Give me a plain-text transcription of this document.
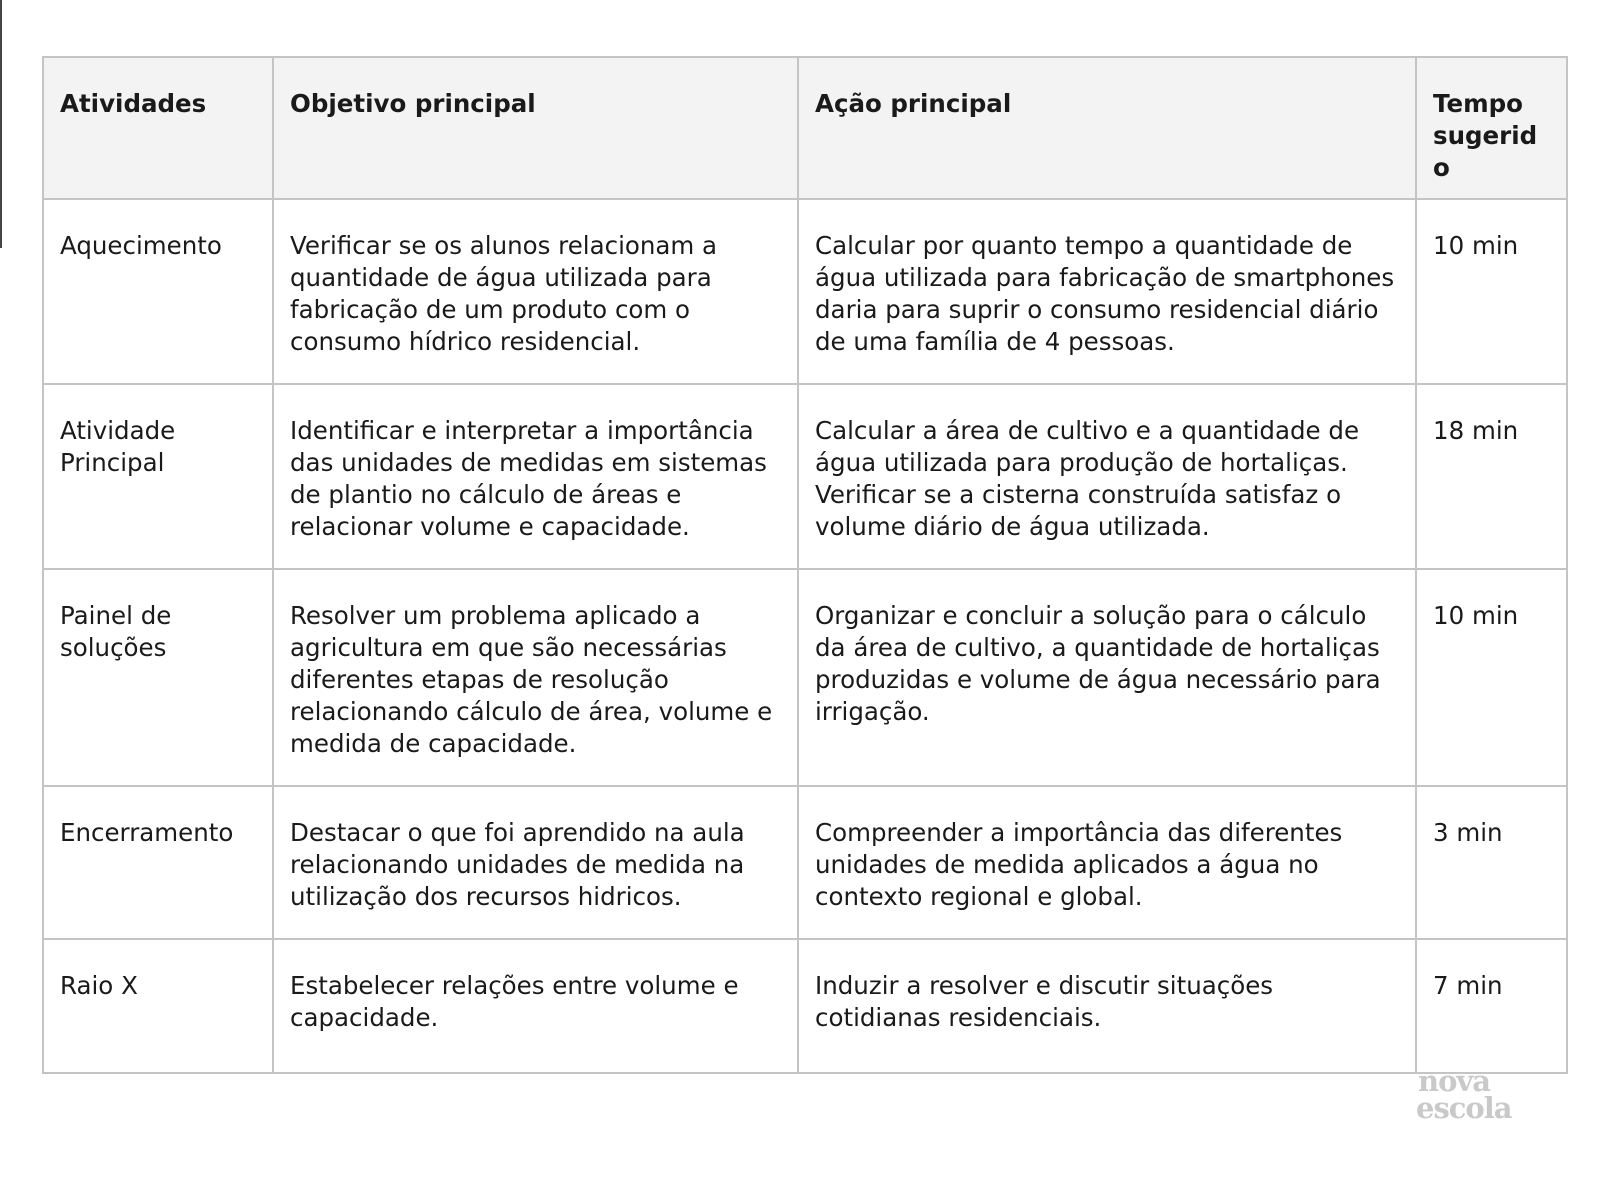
Atividades	Objetivo principal	Ação principal	Tempo sugerido
Aquecimento	Verificar se os alunos relacionam a quantidade de água utilizada para fabricação de um produto com o consumo hídrico residencial.	Calcular por quanto tempo a quantidade de água utilizada para fabricação de smartphones daria para suprir o consumo residencial diário de uma família de 4 pessoas.	10 min
Atividade Principal	Identificar e interpretar a importância das unidades de medidas em sistemas de plantio no cálculo de áreas e relacionar volume e capacidade.	Calcular a área de cultivo e a quantidade de água utilizada para produção de hortaliças. Verificar se a cisterna construída satisfaz o volume diário de água utilizada.	18 min
Painel de soluções	Resolver um problema aplicado a agricultura em que são necessárias diferentes etapas de resolução relacionando cálculo de área, volume e medida de capacidade.	Organizar e concluir a solução para o cálculo da área de cultivo, a quantidade de hortaliças produzidas e volume de água necessário para irrigação.	10 min
Encerramento	Destacar o que foi aprendido na aula relacionando unidades de medida na utilização dos recursos hidricos.	Compreender a importância das diferentes unidades de medida aplicados a água no contexto regional e global.	3 min
Raio X	Estabelecer relações entre volume e capacidade.	Induzir a resolver e discutir situações cotidianas residenciais.	7 min
nova
escola
